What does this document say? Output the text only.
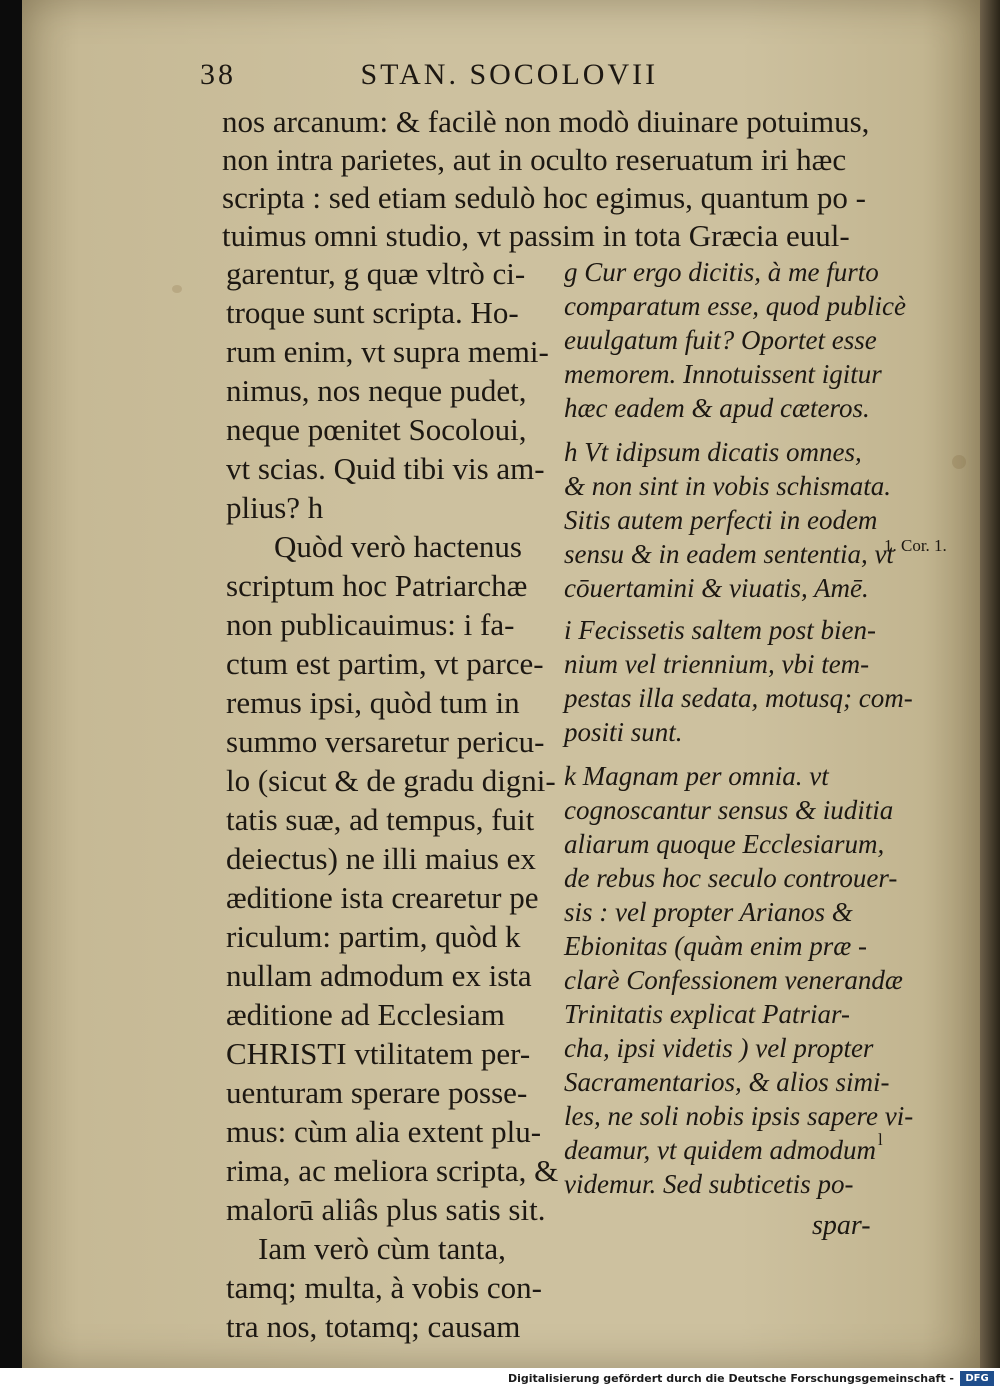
38	STAN. SOCOLOVII
nos arcanum: & facilè non modò diuinare potuimus,
non intra parietes, aut in oculto reseruatum iri hæc
scripta : sed etiam sedulò hoc egimus, quantum po -
tuimus omni studio, vt passim in tota Græcia euul-
garentur, g quæ vltrò ci-
troque sunt scripta. Ho-
rum enim, vt supra memi-
nimus, nos neque pudet,
neque pœnitet Socoloui,
vt scias. Quid tibi vis am-
plius? h
Quòd verò hactenus
scriptum hoc Patriarchæ
non publicauimus: i fa-
ctum est partim, vt parce-
remus ipsi, quòd tum in
summo versaretur pericu-
lo (sicut & de gradu digni-
tatis suæ, ad tempus, fuit
deiectus) ne illi maius ex
æditione ista crearetur pe
riculum: partim, quòd k
nullam admodum ex ista
æditione ad Ecclesiam
CHRISTI vtilitatem per-
uenturam sperare posse-
mus: cùm alia extent plu-
rima, ac meliora scripta, &
malorū aliâs plus satis sit.
Iam verò cùm tanta,
tamq; multa, à vobis con-
tra nos, totamq; causam
g Cur ergo dicitis, à me furto
comparatum esse, quod publicè
euulgatum fuit? Oportet esse
memorem. Innotuissent igitur
hæc eadem & apud cæteros.
h Vt idipsum dicatis omnes,
& non sint in vobis schismata.
Sitis autem perfecti in eodem
sensu & in eadem sententia, vt
cōuertamini & viuatis, Amē.
i Fecissetis saltem post bien-
nium vel triennium, vbi tem-
pestas illa sedata, motusq; com-
positi sunt.
k Magnam per omnia. vt
cognoscantur sensus & iuditia
aliarum quoque Ecclesiarum,
de rebus hoc seculo controuer-
sis : vel propter Arianos &
Ebionitas (quàm enim præ -
clarè Confessionem venerandæ
Trinitatis explicat Patriar-
cha, ipsi videtis ) vel propter
Sacramentarios, & alios simi-
les, ne soli nobis ipsis sapere vi-
deamur, vt quidem admodum
videmur. Sed subticetis po-
1. Cor. 1.
l
spar-
Digitalisierung gefördert durch die Deutsche Forschungsgemeinschaft -	DFG
